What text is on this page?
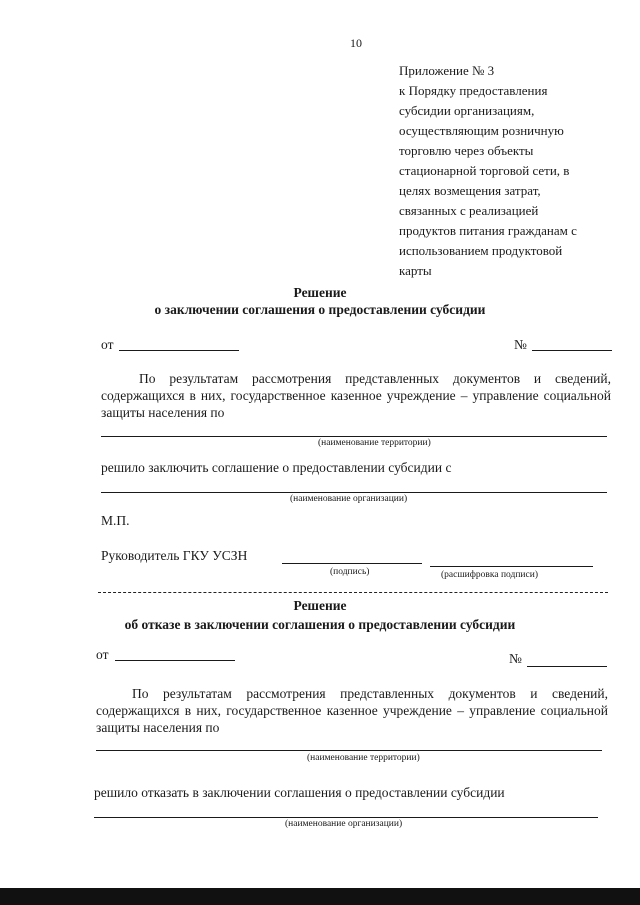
10
Приложение № 3
к Порядку предоставления
субсидии организациям,
осуществляющим розничную
торговлю через объекты
стационарной торговой сети, в
целях возмещения затрат,
связанных с реализацией
продуктов питания гражданам с
использованием продуктовой
карты
Решение
о заключении соглашения о предоставлении субсидии
от	№
По результатам рассмотрения представленных документов и сведений, содержащихся в них, государственное казенное учреждение – управление социальной защиты населения по
(наименование территории)
решило заключить соглашение о предоставлении субсидии с
(наименование организации)
М.П.
Руководитель ГКУ УСЗН
(подпись)	(расшифровка подписи)
Решение
об отказе в заключении соглашения о предоставлении субсидии
от	№
По результатам рассмотрения представленных документов и сведений, содержащихся в них, государственное казенное учреждение – управление социальной защиты населения по
(наименование территории)
решило отказать в заключении соглашения о предоставлении субсидии
(наименование организации)
